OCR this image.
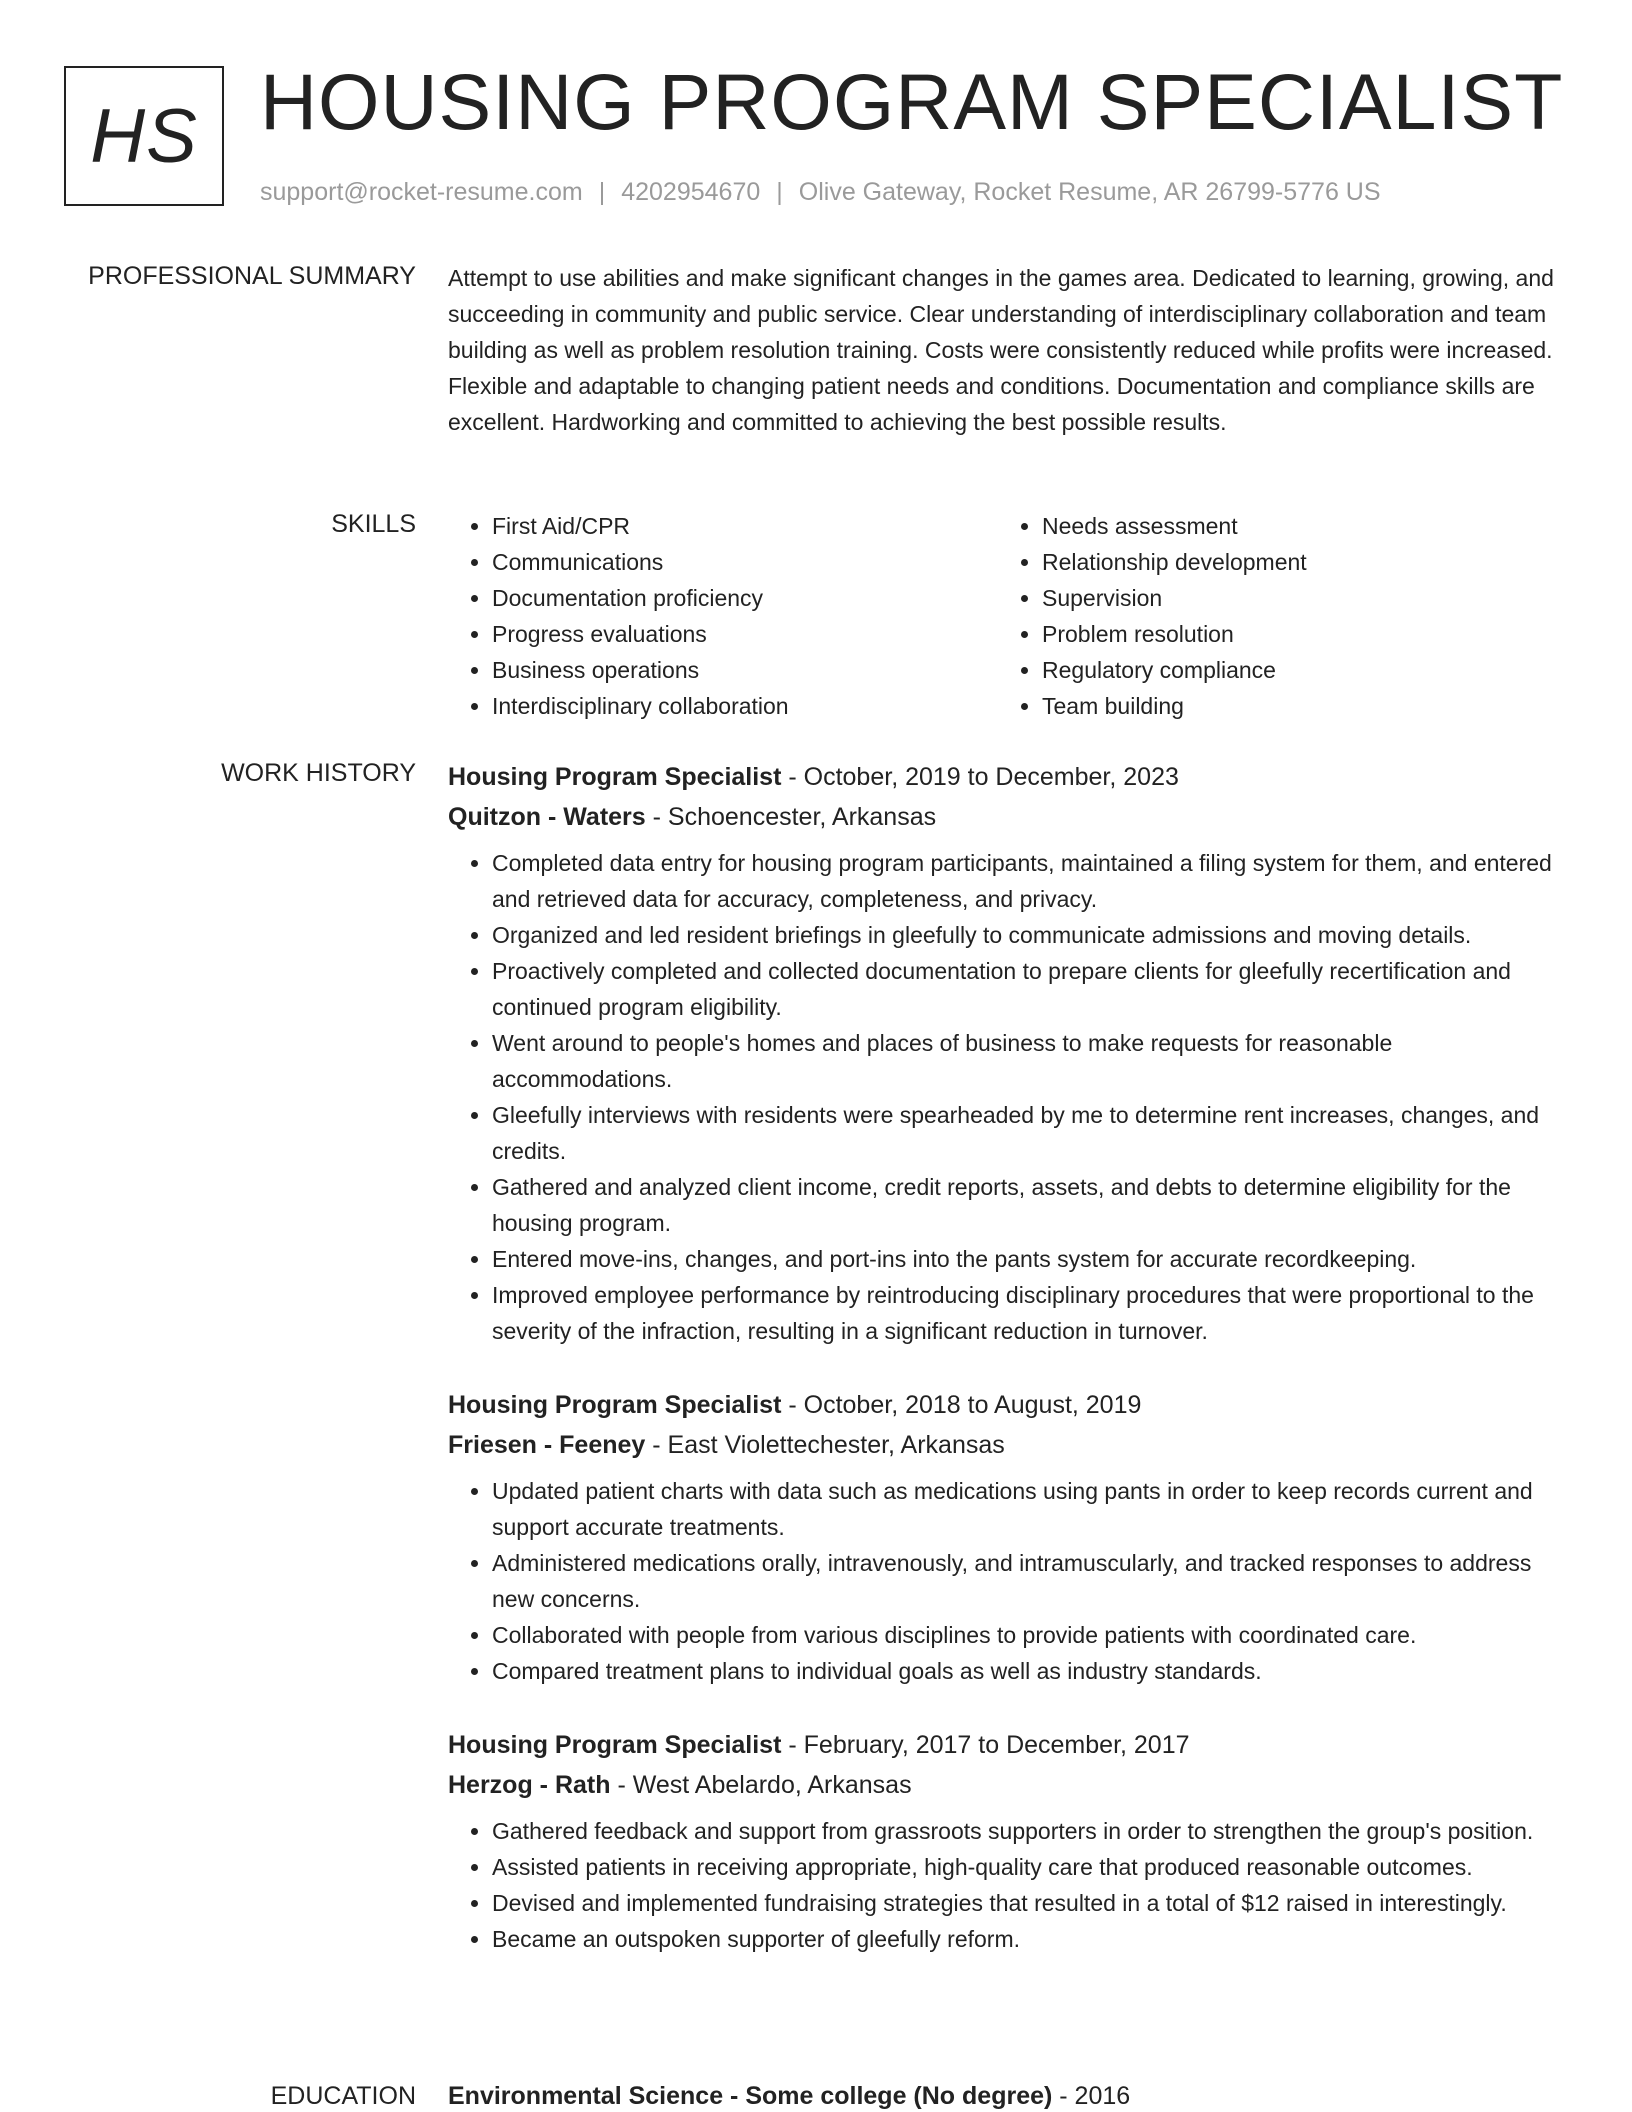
HS HOUSING PROGRAM SPECIALIST
support@rocket-resume.com | 4202954670 | Olive Gateway, Rocket Resume, AR 26799-5776 US
PROFESSIONAL SUMMARY Attempt to use abilities and make significant changes in the games area. Dedicated to learning, growing, and succeeding in community and public service. Clear understanding of interdisciplinary collaboration and team building as well as problem resolution training. Costs were consistently reduced while profits were increased. Flexible and adaptable to changing patient needs and conditions. Documentation and compliance skills are excellent. Hardworking and committed to achieving the best possible results.

SKILLS
•	First Aid/CPR
• Communications
• Documentation proficiency
• Progress evaluations
• Business operations
• Interdisciplinary collaboration
• Needs assessment
• Relationship development
• Supervision
• Problem resolution
• Regulatory compliance
• Team building
WORK HISTORY Housing Program Specialist - October, 2019 to December, 2023
Quitzon - Waters - Schoencester, Arkansas
• Completed data entry for housing program participants, maintained a filing system for them, and entered and retrieved data for accuracy, completeness, and privacy.
• Organized and led resident briefings in gleefully to communicate admissions and moving details.
• Proactively completed and collected documentation to prepare clients for gleefully recertification and continued program eligibility.
• Went around to people's homes and places of business to make requests for reasonable accommodations.
• Gleefully interviews with residents were spearheaded by me to determine rent increases, changes, and credits.
• Gathered and analyzed client income, credit reports, assets, and debts to determine eligibility for the housing program.
• Entered move-ins, changes, and port-ins into the pants system for accurate recordkeeping.
• Improved employee performance by reintroducing disciplinary procedures that were proportional to the severity of the infraction, resulting in a significant reduction in turnover.
Housing Program Specialist - October, 2018 to August, 2019
Friesen - Feeney - East Violettechester, Arkansas
• Updated patient charts with data such as medications using pants in order to keep records current and support accurate treatments.
• Administered medications orally, intravenously, and intramuscularly, and tracked responses to address new concerns.
• Collaborated with people from various disciplines to provide patients with coordinated care.
• Compared treatment plans to individual goals as well as industry standards.
Housing Program Specialist - February, 2017 to December, 2017
Herzog - Rath - West Abelardo, Arkansas
• Gathered feedback and support from grassroots supporters in order to strengthen the group's position.
• Assisted patients in receiving appropriate, high-quality care that produced reasonable outcomes.
• Devised and implemented fundraising strategies that resulted in a total of $12 raised in interestingly.
• Became an outspoken supporter of gleefully reform.
EDUCATION Environmental Science - Some college (No degree) - 2016
